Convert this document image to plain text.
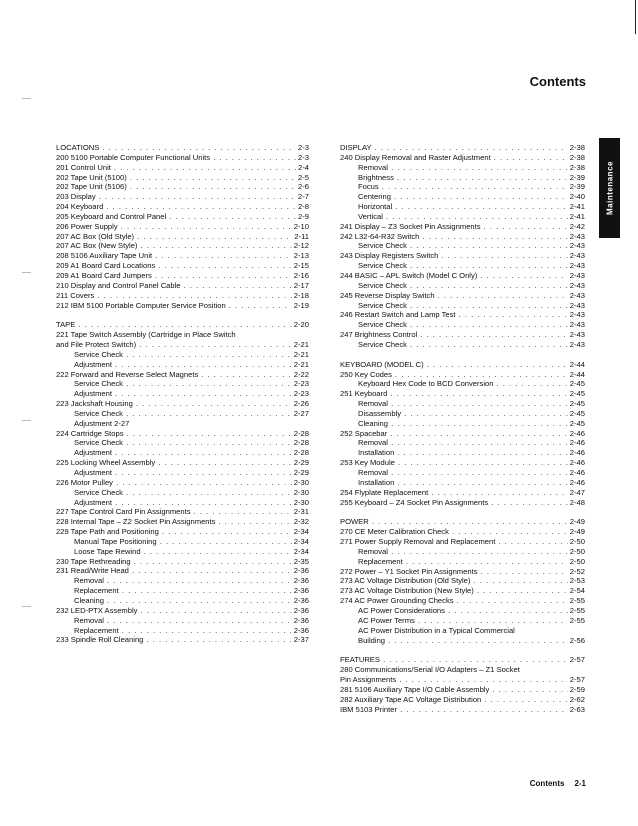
Contents
Maintenance
LOCATIONS . . .	2-3
200 5100 Portable Computer Functional Units . . .	2-3
201 Control Unit . . .	2-4
202 Tape Unit (5100) . . .	2-5
202 Tape Unit (5106) . . .	2-6
203 Display . . .	2-7
204 Keyboard . . .	2-8
205 Keyboard and Control Panel . . .	2-9
206 Power Supply . . .	2-10
207 AC Box (Old Style) . . .	2-11
207 AC Box (New Style) . . .	2-12
208 5106 Auxiliary Tape Unit . . .	2-13
209 A1 Board Card Locations . . .	2-15
209 A1 Board Card Jumpers . . .	2-16
210 Display and Control Panel Cable . . .	2-17
211 Covers . . .	2-18
212 IBM 5100 Portable Computer Service Position . . .	2-19
TAPE . . .	2-20
221 Tape Switch Assembly (Cartridge in Place Switch
and File Protect Switch) . . .	2-21
Service Check . . .	2-21
Adjustment . . .	2-21
222 Forward and Reverse Select Magnets . . .	2-22
Service Check . . .	2-23
Adjustment . . .	2-23
223 Jackshaft Housing . . .	2-26
Service Check . . .	2-27
Adjustment 2-27
224 Cartridge Stops . . .	2-28
Service Check . . .	2-28
Adjustment . . .	2-28
225 Locking Wheel Assembly . . .	2-29
Adjustment . . .	2-29
226 Motor Pulley . . .	2-30
Service Check . . .	2-30
Adjustment . . .	2-30
227 Tape Control Card Pin Assignments . . .	2-31
228 Internal Tape – Z2 Socket Pin Assignments . . .	2-32
229 Tape Path and Positioning . . .	2-34
Manual Tape Positioning . . .	2-34
Loose Tape Rewind . . .	2-34
230 Tape Rethreading . . .	2-35
231 Read/Write Head . . .	2-36
Removal . . .	2-36
Replacement . . .	2-36
Cleaning . . .	2-36
232 LED-PTX Assembly . . .	2-36
Removal . . .	2-36
Replacement . . .	2-36
233 Spindle Roll Cleaning . . .	2-37
DISPLAY . . .	2-38
240 Display Removal and Raster Adjustment . . .	2-38
Removal . . .	2-38
Brightness . . .	2-39
Focus . . .	2-39
Centering . . .	2-40
Horizontal . . .	2-41
Vertical . . .	2-41
241 Display – Z3 Socket Pin Assignments . . .	2-42
242 L32-64-R32 Switch . . .	2-43
Service Check . . .	2-43
243 Display Registers Switch . . .	2-43
Service Check . . .	2-43
244 BASIC – APL Switch (Model C Only) . . .	2-43
Service Check . . .	2-43
245 Reverse Display Switch . . .	2-43
Service Check . . .	2-43
246 Restart Switch and Lamp Test . . .	2-43
Service Check . . .	2-43
247 Brightness Control . . .	2-43
Service Check . . .	2-43
KEYBOARD (MODEL C) . . .	2-44
250 Key Codes . . .	2-44
Keyboard Hex Code to BCD Conversion . . .	2-45
251 Keyboard . . .	2-45
Removal . . .	2-45
Disassembly . . .	2-45
Cleaning . . .	2-45
252 Spacebar . . .	2-46
Removal . . .	2-46
Installation . . .	2-46
253 Key Module . . .	2-46
Removal . . .	2-46
Installation . . .	2-46
254 Flyplate Replacement . . .	2-47
255 Keyboard – Z4 Socket Pin Assignments . . .	2-48
POWER . . .	2-49
270 CE Meter Calibration Check . . .	2-49
271 Power Supply Removal and Replacement . . .	2-50
Removal . . .	2-50
Replacement . . .	2-50
272 Power – Y1 Socket Pin Assignments . . .	2-52
273 AC Voltage Distribution (Old Style) . . .	2-53
273 AC Voltage Distribution (New Style) . . .	2-54
274 AC Power Grounding Checks . . .	2-55
AC Power Considerations . . .	2-55
AC Power Terms . . .	2-55
AC Power Distribution in a Typical Commercial
Building . . .	2-56
FEATURES . . .	2-57
280 Communications/Serial I/O Adapters – Z1 Socket
Pin Assignments . . .	2-57
281 5106 Auxiliary Tape I/O Cable Assembly . . .	2-59
282 Auxiliary Tape AC Voltage Distribution . . .	2-62
IBM 5103 Printer . . .	2-63
Contents 2-1
